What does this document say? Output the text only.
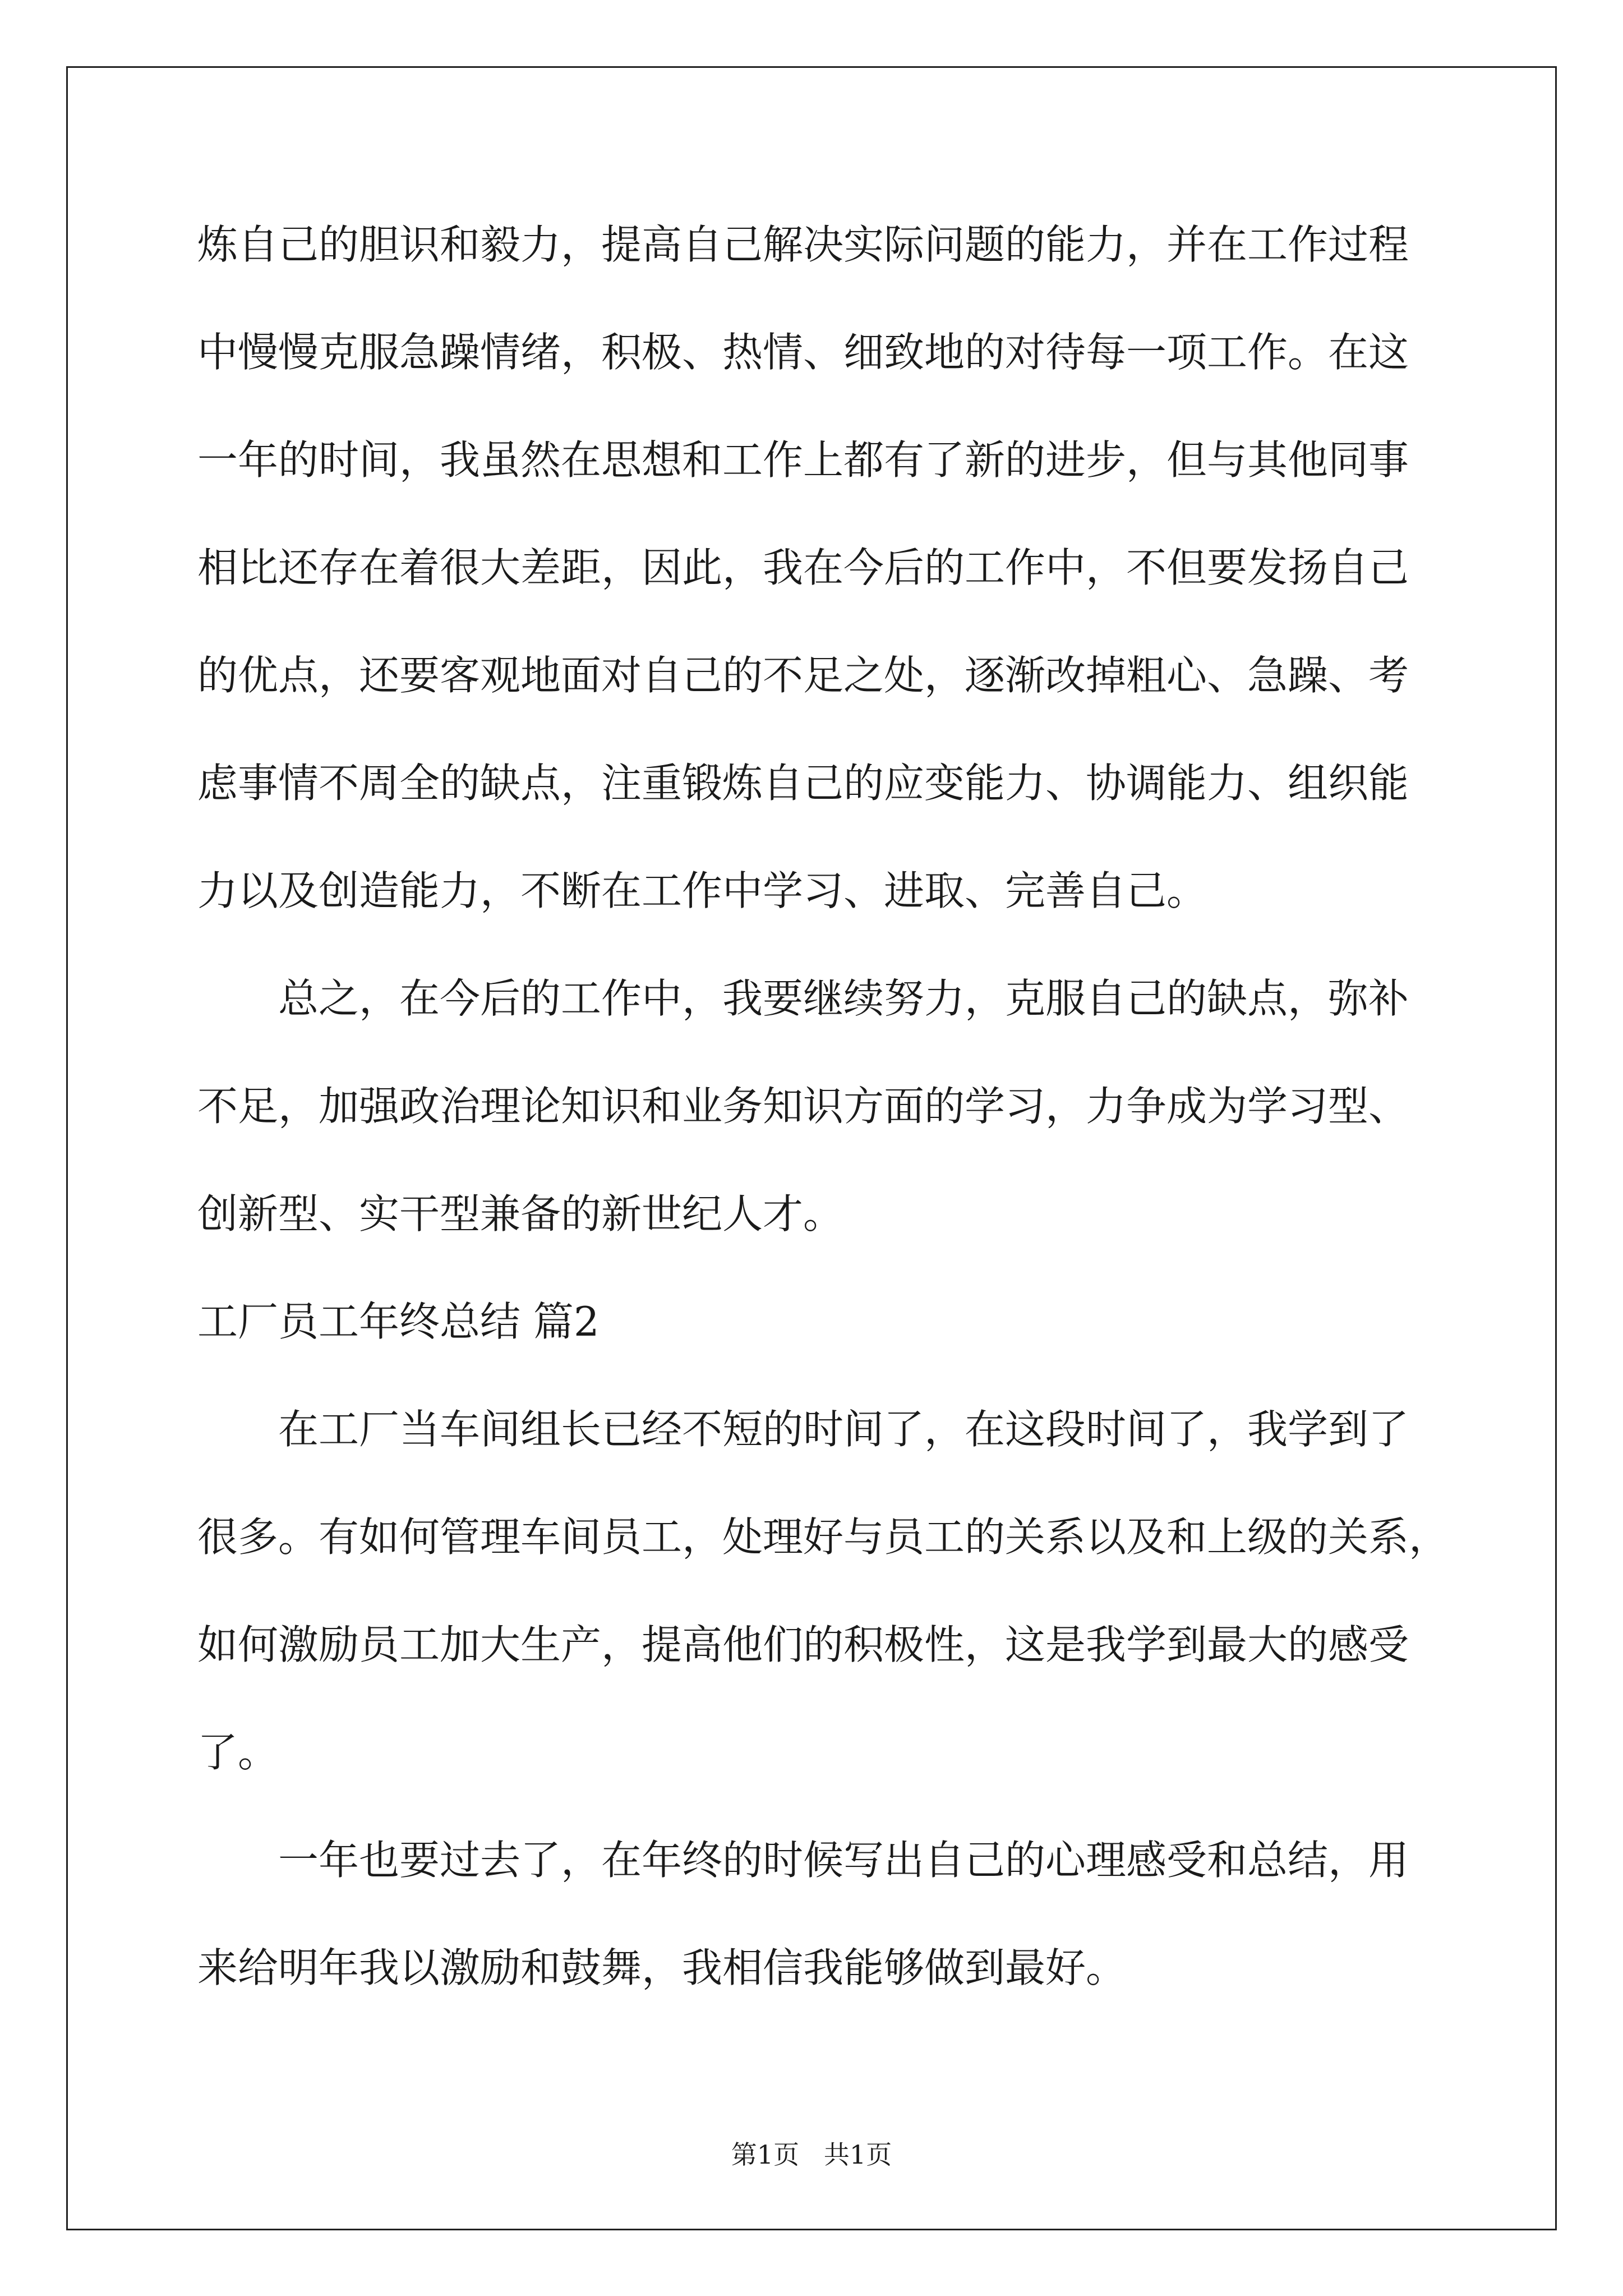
炼自己的胆识和毅力，提高自己解决实际问题的能力，并在工作过程
中慢慢克服急躁情绪，积极、热情、细致地的对待每一项工作。在这
一年的时间，我虽然在思想和工作上都有了新的进步，但与其他同事
相比还存在着很大差距，因此，我在今后的工作中，不但要发扬自己
的优点，还要客观地面对自己的不足之处，逐渐改掉粗心、急躁、考
虑事情不周全的缺点，注重锻炼自己的应变能力、协调能力、组织能
力以及创造能力，不断在工作中学习、进取、完善自己。
总之，在今后的工作中，我要继续努力，克服自己的缺点，弥补
不足，加强政治理论知识和业务知识方面的学习，力争成为学习型、
创新型、实干型兼备的新世纪人才。
工厂员工年终总结 篇2
在工厂当车间组长已经不短的时间了，在这段时间了，我学到了
很多。有如何管理车间员工，处理好与员工的关系以及和上级的关系，
如何激励员工加大生产，提高他们的积极性，这是我学到最大的感受
了。
一年也要过去了，在年终的时候写出自己的心理感受和总结，用
来给明年我以激励和鼓舞，我相信我能够做到最好。
第1页   共1页
